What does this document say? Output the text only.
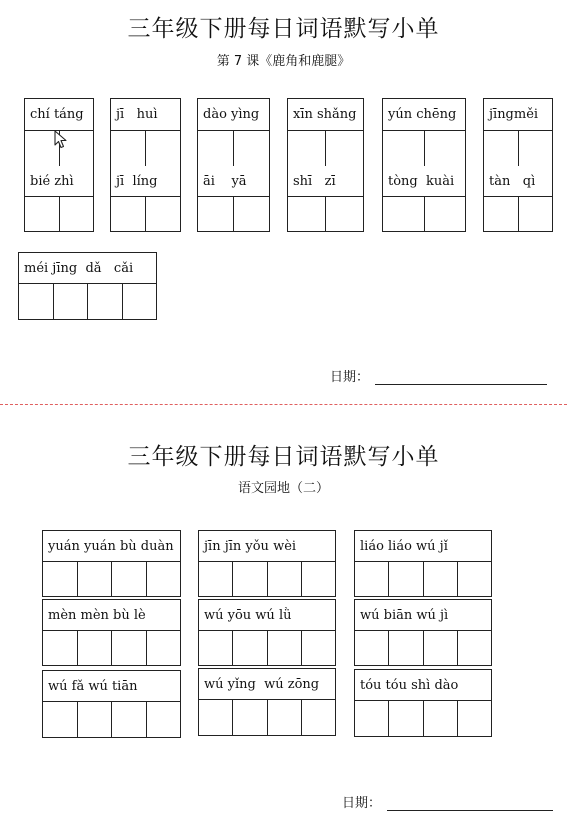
三年级下册每日词语默写小单
第 7 课《鹿角和鹿腿》
chí táng
bié zhì
jī   huì
jī  líng
dào yìng
āi    yā
xīn shǎng
shī   zī
yún chēng
tòng  kuài
jīngměi
tàn   qì
méi jīng  dǎ   cǎi
日期：
三年级下册每日词语默写小单
语文园地（二）
yuán yuán bù duàn jīn jīn yǒu wèi	liáo liáo wú jǐ
mèn mèn bù lè	wú yōu wú lǜ	wú biān wú jì
wú fǎ wú tiān	wú yǐng  wú zōng	tóu tóu shì dào
日期：
